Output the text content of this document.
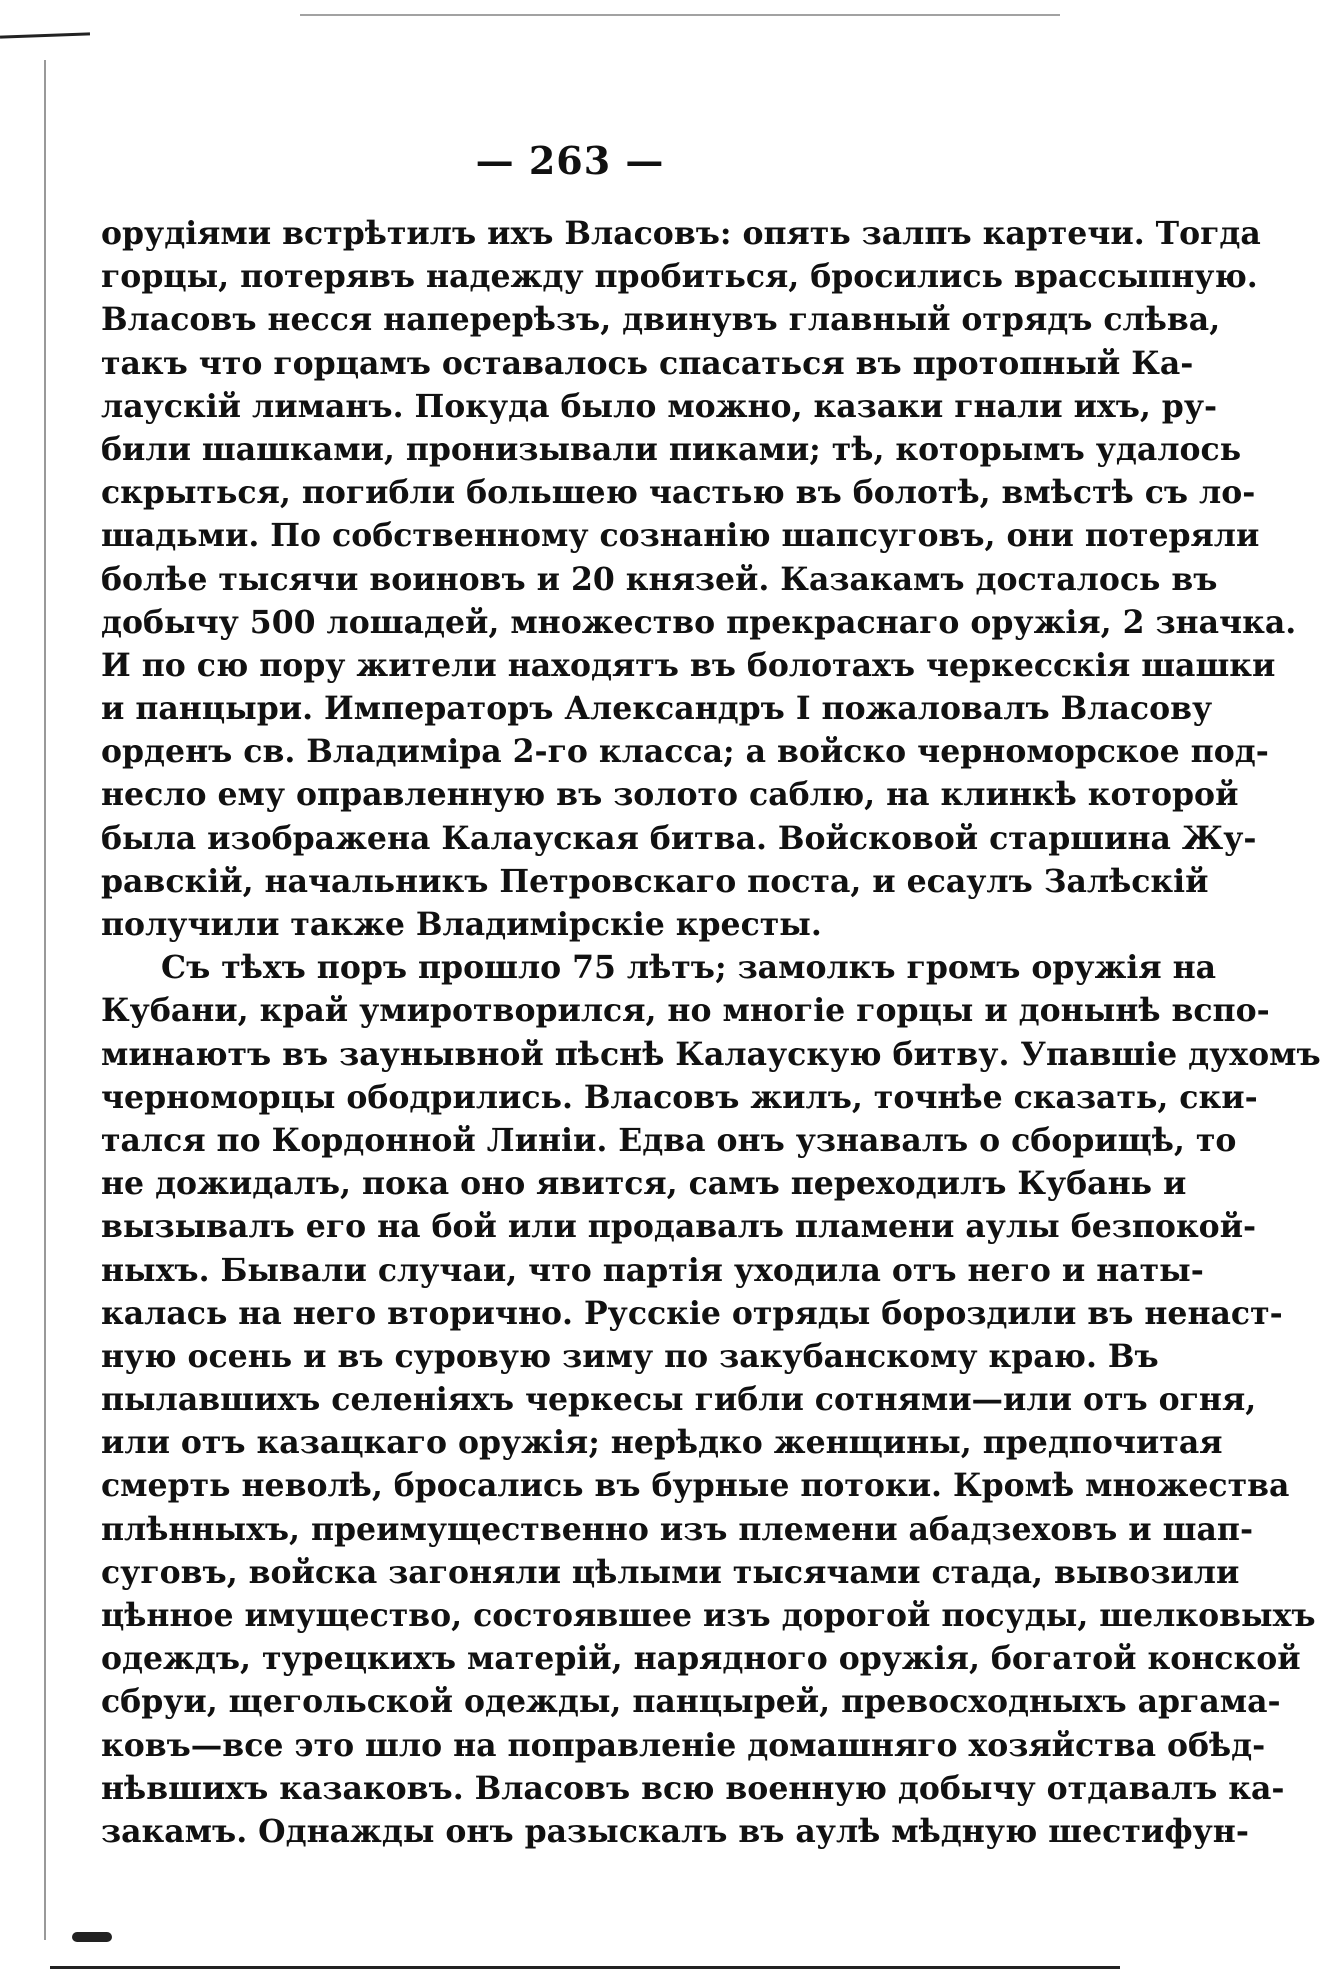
— 263 —
орудіями встрѣтилъ ихъ Власовъ: опять залпъ картечи. Тогда
горцы, потерявъ надежду пробиться, бросились врассыпную.
Власовъ несся наперерѣзъ, двинувъ главный отрядъ слѣва,
такъ что горцамъ оставалось спасаться въ протопный Ка-
лаускій лиманъ. Покуда было можно, казаки гнали ихъ, ру-
били шашками, пронизывали пиками; тѣ, которымъ удалось
скрыться, погибли большею частью въ болотѣ, вмѣстѣ съ ло-
шадьми. По собственному сознанію шапсуговъ, они потеряли
болѣе тысячи воиновъ и 20 князей. Казакамъ досталось въ
добычу 500 лошадей, множество прекраснаго оружія, 2 значка.
И по сю пору жители находятъ въ болотахъ черкесскія шашки
и панцыри. Императоръ Александръ I пожаловалъ Власову
орденъ св. Владиміра 2-го класса; а войско черноморское под-
несло ему оправленную въ золото саблю, на клинкѣ которой
была изображена Калауская битва. Войсковой старшина Жу-
равскій, начальникъ Петровскаго поста, и есаулъ Залѣскій
получили также Владимірскіе кресты.
Съ тѣхъ поръ прошло 75 лѣтъ; замолкъ громъ оружія на
Кубани, край умиротворился, но многіе горцы и донынѣ вспо-
минаютъ въ заунывной пѣснѣ Калаускую битву. Упавшіе духомъ
черноморцы ободрились. Власовъ жилъ, точнѣе сказать, ски-
тался по Кордонной Линіи. Едва онъ узнавалъ о сборищѣ, то
не дожидалъ, пока оно явится, самъ переходилъ Кубань и
вызывалъ его на бой или продавалъ пламени аулы безпокой-
ныхъ. Бывали случаи, что партія уходила отъ него и наты-
калась на него вторично. Русскіе отряды бороздили въ ненаст-
ную осень и въ суровую зиму по закубанскому краю. Въ
пылавшихъ селеніяхъ черкесы гибли сотнями—или отъ огня,
или отъ казацкаго оружія; нерѣдко женщины, предпочитая
смерть неволѣ, бросались въ бурные потоки. Кромѣ множества
плѣнныхъ, преимущественно изъ племени абадзеховъ и шап-
суговъ, войска загоняли цѣлыми тысячами стада, вывозили
цѣнное имущество, состоявшее изъ дорогой посуды, шелковыхъ
одеждъ, турецкихъ матерій, нарядного оружія, богатой конской
сбруи, щегольской одежды, панцырей, превосходныхъ аргама-
ковъ—все это шло на поправленіе домашняго хозяйства обѣд-
нѣвшихъ казаковъ. Власовъ всю военную добычу отдавалъ ка-
закамъ. Однажды онъ разыскалъ въ аулѣ мѣдную шестифун-
